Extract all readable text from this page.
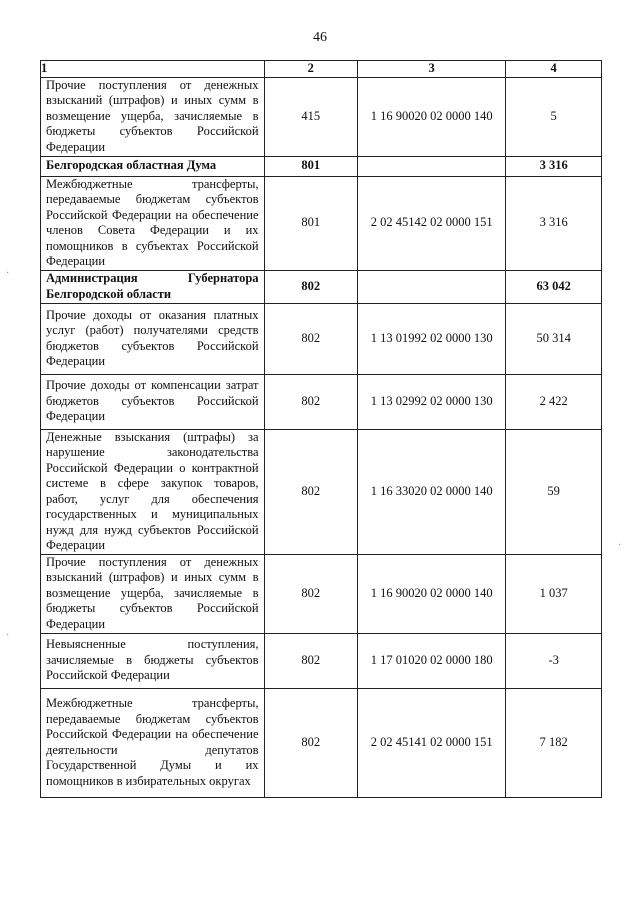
46
1	2	3	4
Прочие поступления от денежных взысканий (штрафов) и иных сумм в возмещение ущерба, зачисляемые в бюджеты субъектов Российской Федерации	415	1 16 90020 02 0000 140	5
Белгородская областная Дума	801		3 316
Межбюджетные трансферты, передаваемые бюджетам субъектов Российской Федерации на обеспечение членов Совета Федерации и их помощников в субъектах Российской Федерации	801	2 02 45142 02 0000 151	3 316
Администрация Губернатора Белгородской области	802		63 042
Прочие доходы от оказания платных услуг (работ) получателями средств бюджетов субъектов Российской Федерации	802	1 13 01992 02 0000 130	50 314
Прочие доходы от компенсации затрат бюджетов субъектов Российской Федерации	802	1 13 02992 02 0000 130	2 422
Денежные взыскания (штрафы) за нарушение законодательства Российской Федерации о контрактной системе в сфере закупок товаров, работ, услуг для обеспечения государственных и муниципальных нужд для нужд субъектов Российской Федерации	802	1 16 33020 02 0000 140	59
Прочие поступления от денежных взысканий (штрафов) и иных сумм в возмещение ущерба, зачисляемые в бюджеты субъектов Российской Федерации	802	1 16 90020 02 0000 140	1 037
Невыясненные поступления, зачисляемые в бюджеты субъектов Российской Федерации	802	1 17 01020 02 0000 180	-3
Межбюджетные трансферты, передаваемые бюджетам субъектов Российской Федерации на обеспечение деятельности депутатов Государственной Думы и их помощников в избирательных округах	802	2 02 45141 02 0000 151	7 182
·
·
·
